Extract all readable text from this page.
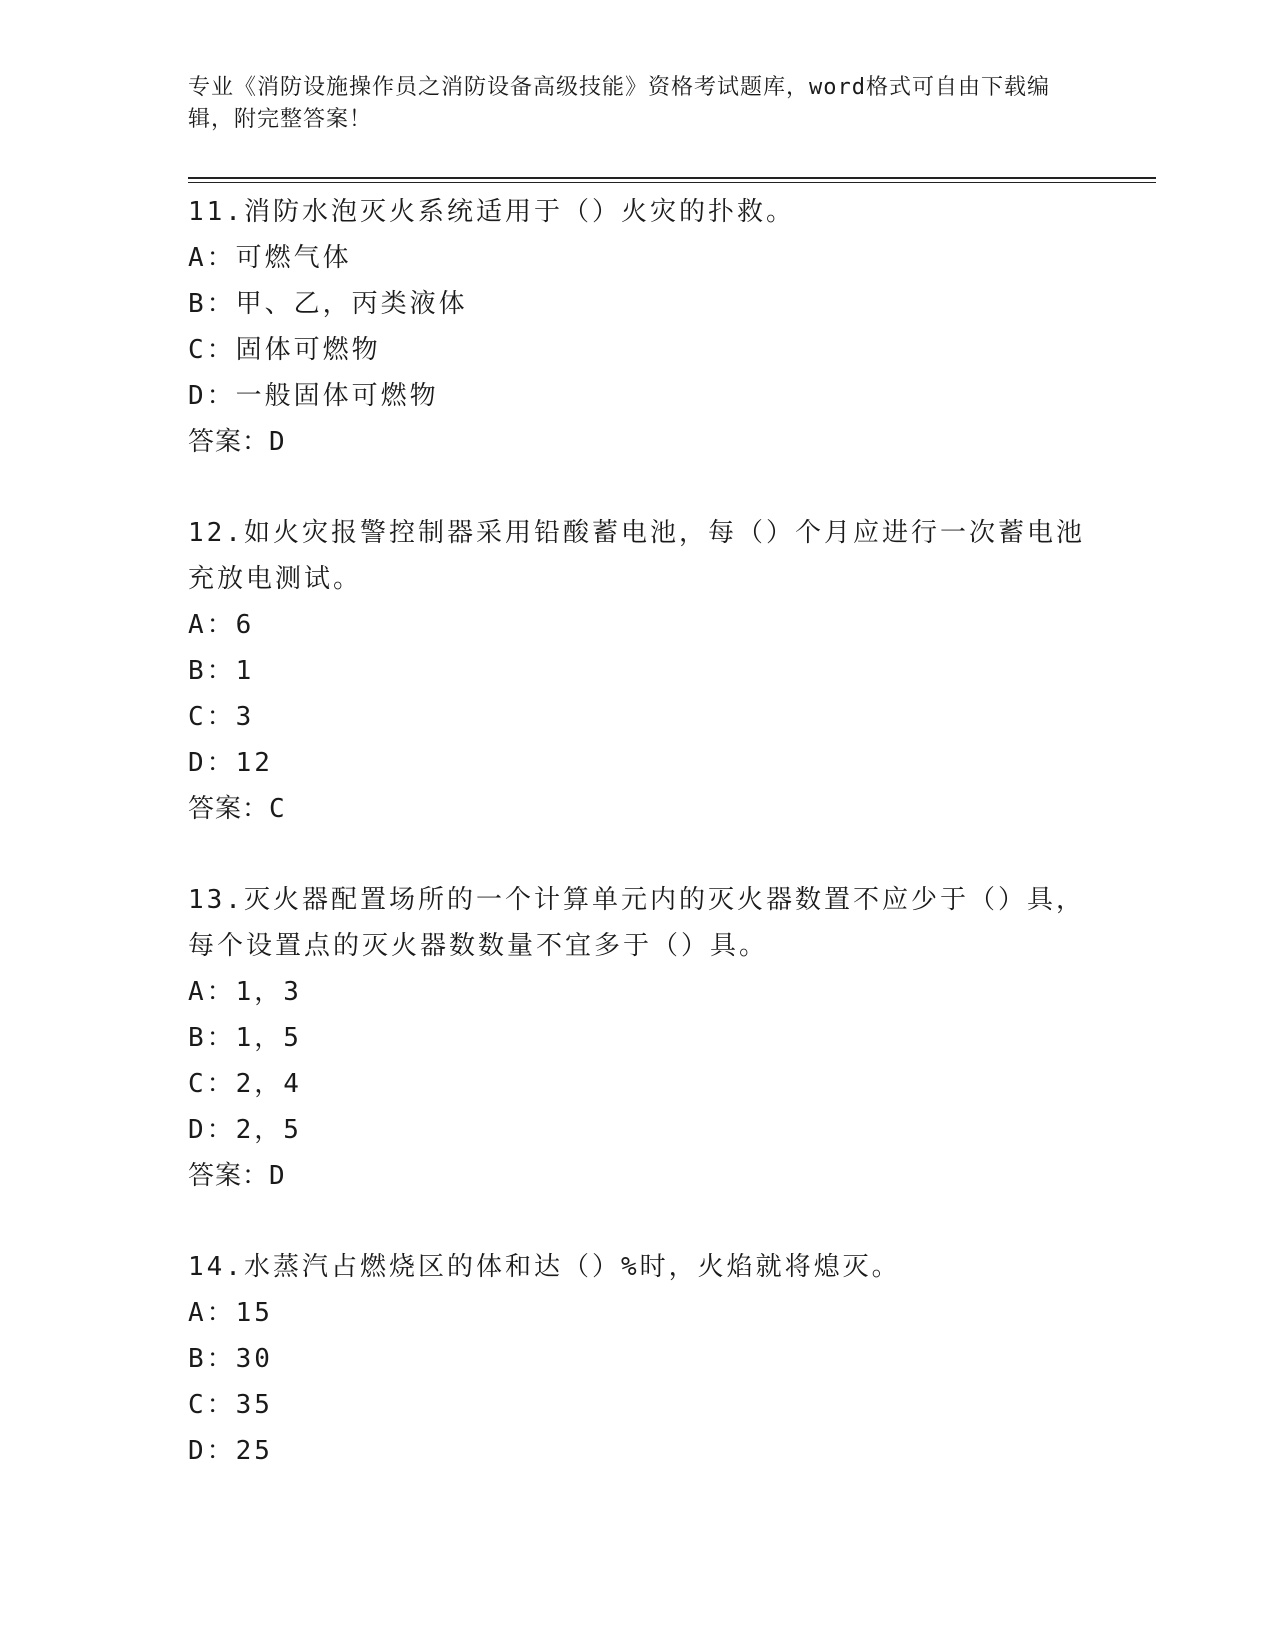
专业《消防设施操作员之消防设备高级技能》资格考试题库，word格式可自由下载编辑，附完整答案！
11.消防水泡灭火系统适用于（）火灾的扑救。
A：可燃气体
B：甲、乙，丙类液体
C：固体可燃物
D：一般固体可燃物
答案：D
12.如火灾报警控制器采用铅酸蓄电池，每（）个月应进行一次蓄电池充放电测试。
A：6
B：1
C：3
D：12
答案：C
13.灭火器配置场所的一个计算单元内的灭火器数置不应少于（）具，每个设置点的灭火器数数量不宜多于（）具。
A：1，3
B：1，5
C：2，4
D：2，5
答案：D
14.水蒸汽占燃烧区的体和达（）%时，火焰就将熄灭。
A：15
B：30
C：35
D：25
